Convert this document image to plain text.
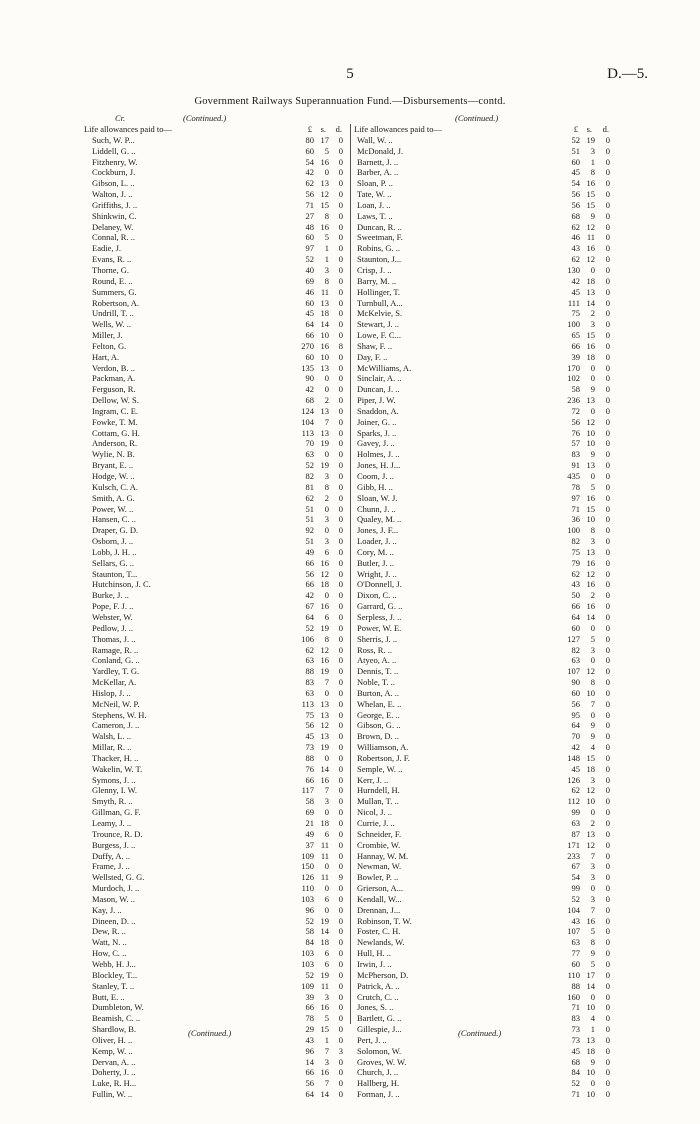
5	D.—5.
Government Railways Superannuation Fund.—Disbursements—contd.
Cr.	(Continued.)	(Continued.)
Life allowances paid to—	£ s. d.
Such, W. P...	80 17	0
Liddell, G. ..	60	5	0
Fitzhenry, W.	54 16	0
Cockburn, J.	42	0	0
Gibson, L. ..	62 13	0
Walton, J. ..	56 12	0
Griffiths, J. ..	71 15	0
Shinkwin, C.	27	8	0
Delaney, W.	48 16	0
Connal, R. ..	60	5	0
Eadie, J.	97	1	0
Evans, R. ..	52	1	0
Thorne, G.	40	3	0
Round, E. ..	69	8	0
Summers, G.	46 11	0
Robertson, A.	60 13	0
Undrill, T. ..	45 18	0
Wells, W. ..	64 14	0
Miller, J.	66 10	0
Felton, G.	270 16	8
Hart, A.	60 10	0
Verdon, B. ..	135 13	0
Packman, A.	90	0	0
Ferguson, R.	42	0	0
Dellow, W. S.	68	2	0
Ingram, C. E.	124 13	0
Fowke, T. M.	104	7	0
Cottam, G. H.	113 13	0
Anderson, R.	70 19	0
Wylie, N. B.	63	0	0
Bryant, E. ..	52 19	0
Hodge, W. ..	82	3	0
Kulsch, C. A.	81	8	0
Smith, A. G.	62	2	0
Power, W. ..	51	0	0
Hansen, C. ..	51	3	0
Draper, G. D.	92	0	0
Osborn, J. ..	51	3	0
Lobb, J. H. ..	49	6	0
Sellars, G. ..	66 16	0
Staunton, T...	56 12	0
Hutchinson, J. C.	66 18	0
Burke, J. ..	42	0	0
Pope, F. J. ..	67 16	0
Webster, W.	64	6	0
Pedlow, J. ..	52 19	0
Thomas, J. ..	106	8	0
Ramage, R. ..	62 12	0
Conland, G. ..	63 16	0
Yardley, T. G.	88 19	0
McKellar, A.	83	7	0
Hislop, J. ..	63	0	0
McNeil, W. P.	113 13	0
Stephens, W. H.	75 13	0
Cameron, J. ..	56 12	0
Walsh, L. ..	45 13	0
Millar, R. ..	73 19	0
Thacker, H. ..	88	0	0
Wakelin, W. T.	76 14	0
Symons, J. ..	66 16	0
Glenny, I. W.	117	7	0
Smyth, R. ..	58	3	0
Gillman, G. F.	69	0	0
Leamy, J. ..	21 18	0
Trounce, R. D.	49	6	0
Burgess, J. ..	37 11	0
Duffy, A. ..	109 11	0
Frame, J. ..	150	0	0
Wellsted, G. G.	126 11	9
Murdoch, J. ..	110	0	0
Mason, W. ..	103	6	0
Kay, J. ..	96	0	0
Dineen, D. ..	52 19	0
Dew, R. ..	58 14	0
Watt, N. ..	84 18	0
How, C. ..	103	6	0
Webb, H. J...	103	6	0
Blockley, T...	52 19	0
Stanley, T. ..	109 11	0
Butt, E. ..	39	3	0
Dumbleton, W.	66 16	0
Beamish, C. ..	78	5	0
Shardlow, B.	29 15	0
Oliver, H. ..	43	1	0
Kemp, W. ..	96	7	3
Dervan, A. ..	14	3	0
Doherty, J. ..	66 16	0
Luke, R. H...	56	7	0
Fullin, W. ..	64 14	0
Life allowances paid to—	£ s. d.
Wall, W. ..	52 19	0
McDonald, J.	51	3	0
Barnett, J. ..	60	1	0
Barber, A. ..	45	8	0
Sloan, P. ..	54 16	0
Tate, W. ..	56 15	0
Loan, J. ..	56 15	0
Laws, T. ..	68	9	0
Duncan, R. ..	62 12	0
Sweetman, F.	46 11	0
Robins, G. ..	43 16	0
Staunton, J...	62 12	0
Crisp, J. ..	130	0	0
Barry, M. ..	42 18	0
Hollinger, T.	45 13	0
Turnbull, A...	111 14	0
McKelvie, S.	75	2	0
Stewart, J. ..	100	3	0
Lowe, F. C...	65 15	0
Shaw, F. ..	66 16	0
Day, F. ..	39 18	0
McWilliams, A.	170	0	0
Sinclair, A. ..	102	0	0
Duncan, J. ..	58	9	0
Piper, J. W.	236 13	0
Snaddon, A.	72	0	0
Joiner, G. ..	56 12	0
Sparks, J. ..	76 10	0
Gavey, J. ..	57 10	0
Holmes, J. ..	83	9	0
Jones, H. J...	91 13	0
Coom, J. ..	435	0	0
Gibb, H. ..	78	5	0
Sloan, W. J.	97 16	0
Chunn, J. ..	71 15	0
Qualey, M. ..	36 10	0
Jones, J. F...	100	8	0
Loader, J. ..	82	3	0
Cory, M. ..	75 13	0
Butler, J. ..	79 16	0
Wright, J. ..	62 12	0
O'Donnell, J.	43 16	0
Dixon, C. ..	50	2	0
Garrard, G. ..	66 16	0
Serpless, J. ..	64 14	0
Power, W. E.	60	0	0
Sherris, J. ..	127	5	0
Ross, R. ..	82	3	0
Atyeo, A. ..	63	0	0
Dennis, T. ..	107 12	0
Noble, T. ..	90	8	0
Burton, A. ..	60 10	0
Whelan, E. ..	56	7	0
George, E. ..	95	0	0
Gibson, G. ..	64	9	0
Brown, D. ..	70	9	0
Williamson, A.	42	4	0
Robertson, J. F.	148 15	0
Semple, W. ..	45 18	0
Kerr, J. ..	126	3	0
Hurndell, H.	62 12	0
Mullan, T. ..	112 10	0
Nicol, J. ..	99	0	0
Currie, J. ..	63	2	0
Schneider, F.	87 13	0
Crombie, W.	171 12	0
Hannay, W. M.	233	7	0
Newman, W.	67	3	0
Bowler, P. ..	54	3	0
Grierson, A...	99	0	0
Kendall, W...	52	3	0
Drennan, J...	104	7	0
Robinson, T. W.	43 16	0
Foster, C. H.	107	5	0
Newlands, W.	63	8	0
Hull, H. ..	77	9	0
Irwin, J. ..	60	5	0
McPherson, D.	110 17	0
Patrick, A. ..	88 14	0
Crutch, C. ..	160	0	0
Jones, S. ..	71 10	0
Bartlett, G. ..	83	4	0
Gillespie, J...	73	1	0
Pert, J. ..	73 13	0
Solomon, W.	45 18	0
Groves, W. W.	68	9	0
Church, J. ..	84 10	0
Hallberg, H.	52	0	0
Forman, J. ..	71 10	0
(Continued.)	(Continued.)
